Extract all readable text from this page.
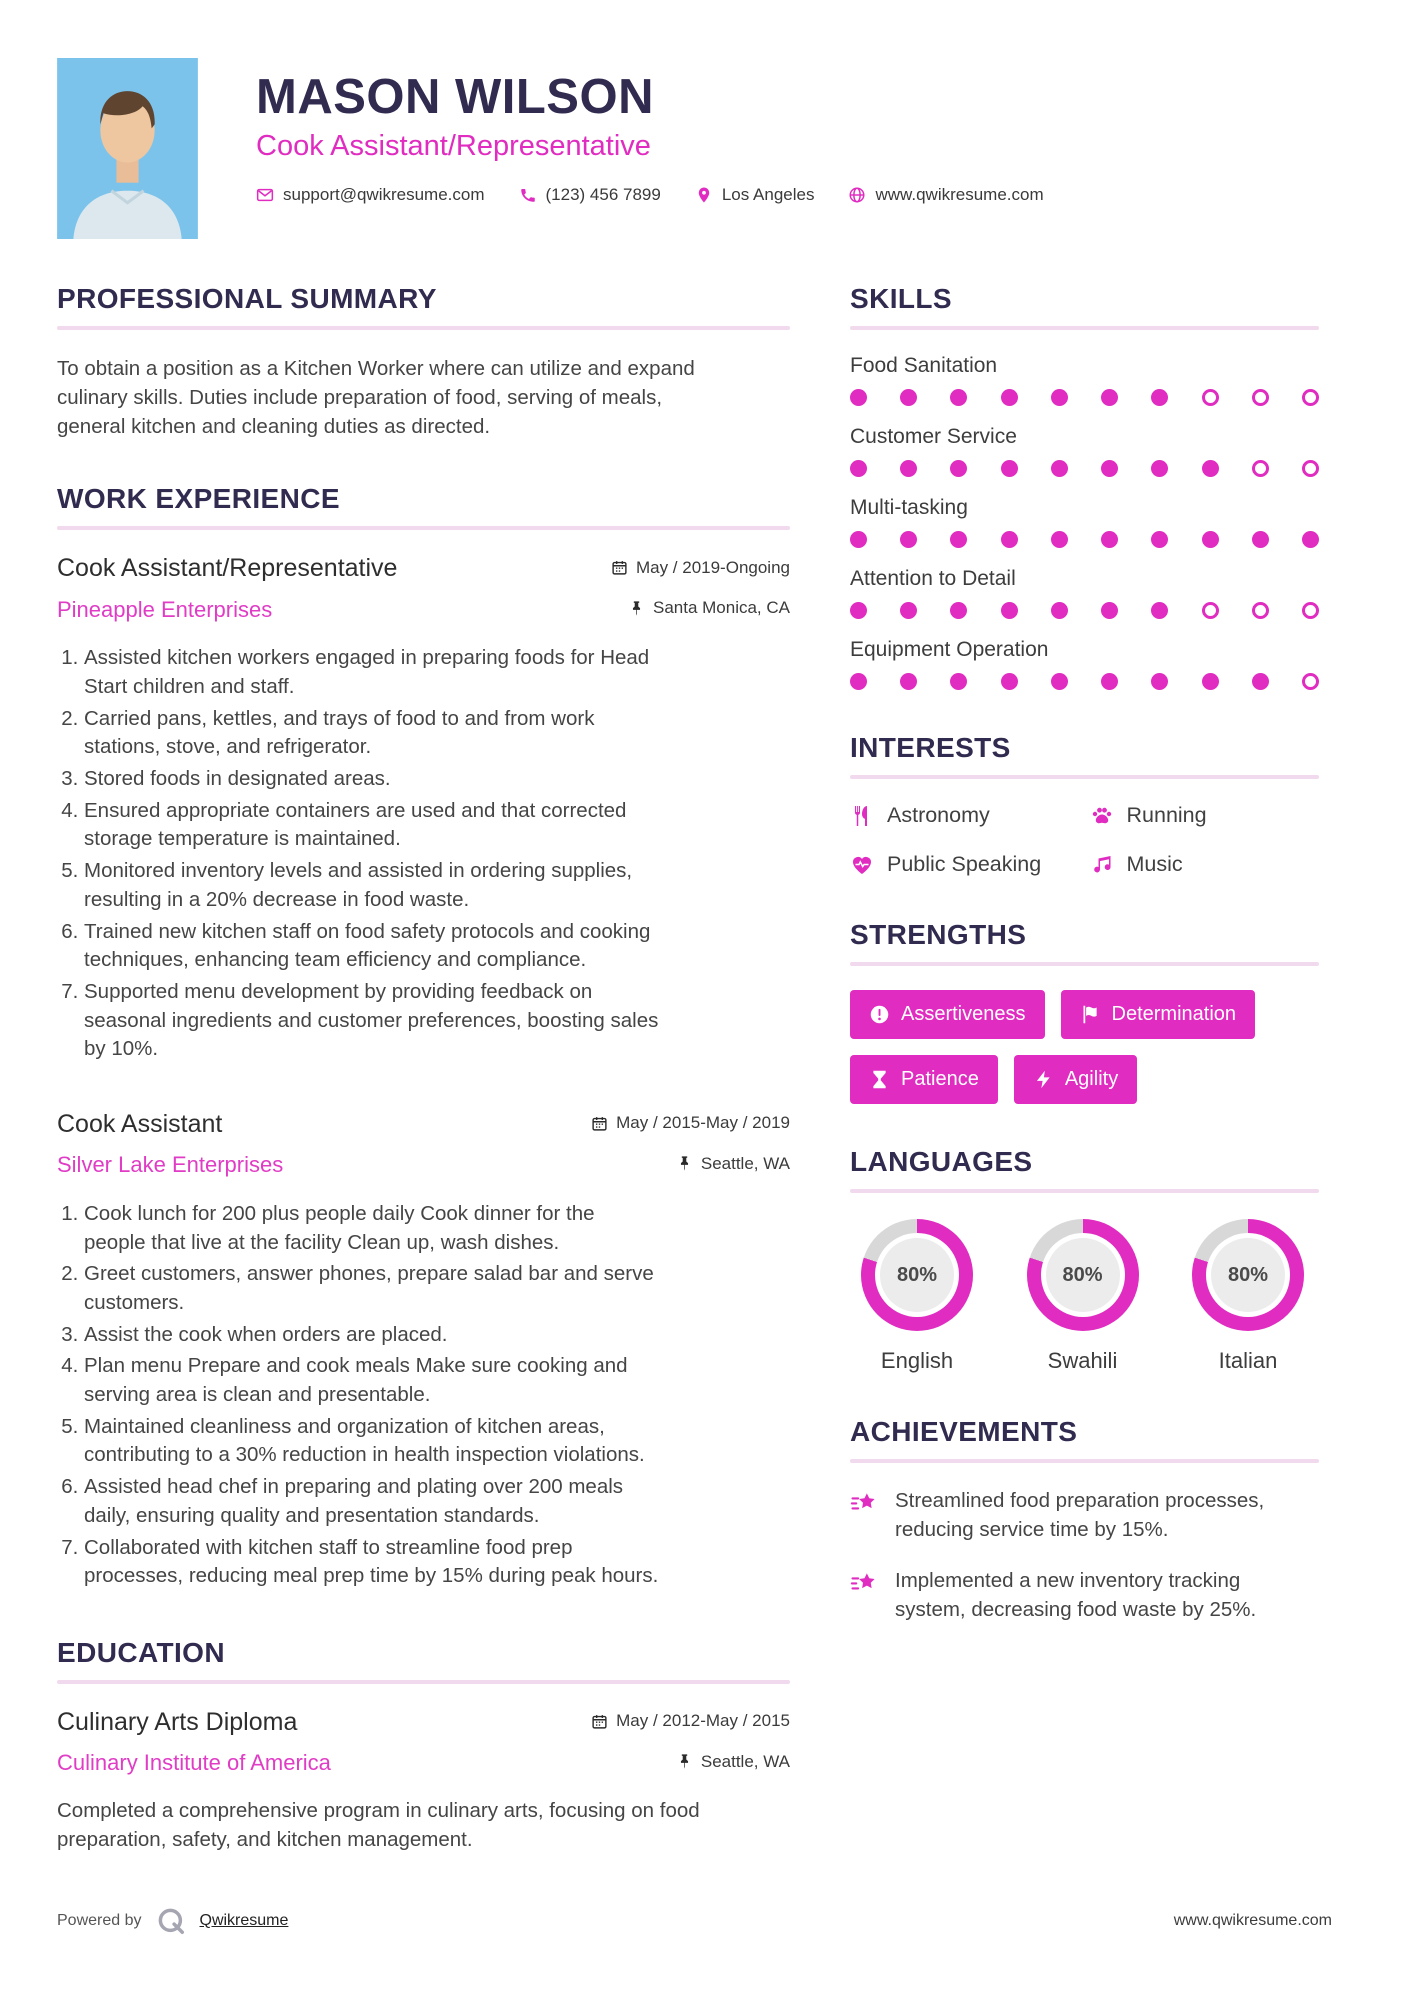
MASON WILSON
Cook Assistant/Representative
support@qwikresume.com	(123) 456 7899	Los Angeles	www.qwikresume.com
PROFESSIONAL SUMMARY

To obtain a position as a Kitchen Worker where can utilize and expand culinary skills. Duties include preparation of food, serving of meals, general kitchen and cleaning duties as directed.

WORK EXPERIENCE
Cook Assistant/Representative	May / 2019-Ongoing
Pineapple Enterprises	Santa Monica, CA
1. Assisted kitchen workers engaged in preparing foods for Head Start children and staff.
2. Carried pans, kettles, and trays of food to and from work stations, stove, and refrigerator.
3. Stored foods in designated areas.
4. Ensured appropriate containers are used and that corrected storage temperature is maintained.
5. Monitored inventory levels and assisted in ordering supplies, resulting in a 20% decrease in food waste.
6. Trained new kitchen staff on food safety protocols and cooking techniques, enhancing team efficiency and compliance.
7. Supported menu development by providing feedback on seasonal ingredients and customer preferences, boosting sales by 10%.
Cook Assistant	May / 2015-May / 2019
Silver Lake Enterprises	Seattle, WA
1. Cook lunch for 200 plus people daily Cook dinner for the people that live at the facility Clean up, wash dishes.
2. Greet customers, answer phones, prepare salad bar and serve customers.
3. Assist the cook when orders are placed.
4. Plan menu Prepare and cook meals Make sure cooking and serving area is clean and presentable.
5. Maintained cleanliness and organization of kitchen areas, contributing to a 30% reduction in health inspection violations.
6. Assisted head chef in preparing and plating over 200 meals daily, ensuring quality and presentation standards.
7. Collaborated with kitchen staff to streamline food prep processes, reducing meal prep time by 15% during peak hours.
EDUCATION
Culinary Arts Diploma	May / 2012-May / 2015
Culinary Institute of America	Seattle, WA

Completed a comprehensive program in culinary arts, focusing on food preparation, safety, and kitchen management.

SKILLS
Food Sanitation
Customer Service
Multi-tasking
Attention to Detail
Equipment Operation
INTERESTS
Astronomy	Running
Public Speaking	Music
STRENGTHS
Assertiveness	Determination
Patience	Agility
LANGUAGES
80%
English
80%
Swahili
80%
Italian
ACHIEVEMENTS
Streamlined food preparation processes, reducing service time by 15%.
Implemented a new inventory tracking system, decreasing food waste by 25%.
Powered by	Qwikresume	www.qwikresume.com
